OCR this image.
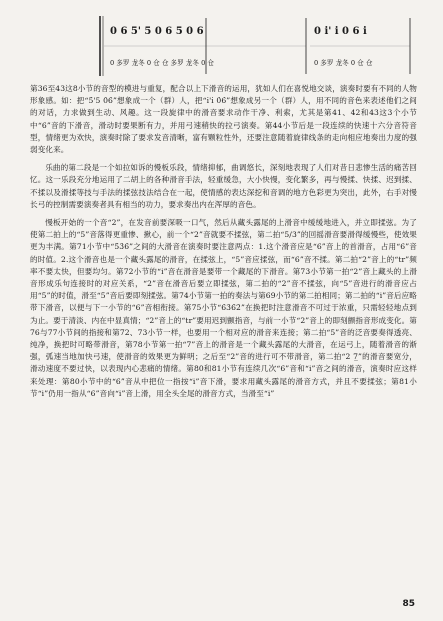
0 6 5' 5 0 6 5 0 6
0 多罗 龙冬 0 仓 仓 多罗 龙冬 0 仓
0 i' i 0 6 i
0 多罗 龙冬 0 仓 仓

第36至43这8小节的音型的模进与重复，配合以上下滑音的运用，犹如人们在喜悦地交谈，演奏时要有不同的人物形象感。如：把“5̇'5 0̇6̇”想象成一个（群）人，把“i̇'i̇ 0̇6̇”想象成另一个（群）人，用不同的音色来表述他们之间的对话，力求做到生动、风趣。这一段旋律中的滑音要求动作干净、利索，尤其是第41、42和43这3个小节中“6”音的下滑音，滑动时要果断有力，并用弓速稍快的拉弓演奏。第44小节后是一段连续的快速十六分音符音型，情绪更为欢快，演奏时除了要求发音清晰，富有颗粒性外，还要注意随着旋律线条的走向相应地奏出力度的强弱变化来。

乐曲的第二段是一个如拉如诉的慢板乐段，情绪抑郁，曲调悠长，深刻地表现了人们对昔日悲惨生活的痛苦回忆。这一乐段充分地运用了二胡上的各种滑音手法，轻重缓急，大小快慢，变化繁多，再与慢揉、快揉、迟到揉、不揉以及滑揉等技与手法的揉弦技法结合在一起，使情感的表达深挖和音调的地方色彩更为突出，此外，右手对慢长弓的控制需要演奏者具有相当的功力，要求奏出内在浑厚的音色。

慢板开始的一个音“2”，在发音前要深吸一口气，然后从藏头露尾的上滑音中缓缓地进入，并立即揉弦。为了使第二拍上的“5”音落得更重惨、揪心，前一个“2”音就要不揉弦，第二拍“5/3”的回摇滑音要滑得缓慢些，使效果更为丰满。第71小节中“5̇3̇6̇”之间的大滑音在演奏时要注意两点：1.这个滑音应是“6”音上的首滑音，占用“6”音的时值。2.这个滑音也是一个藏头露尾的滑音，在揉弦上，“5”音应揉弦，而“6”音不揉。第二拍“2”音上的“tr”频率不要太快，但要均匀。第72小节的“i”音在滑音是要带一个藏尾的下滑音。第73小节第一拍“2”音上藏头的上滑音形成乐句连接时的对应关系，“2”音在滑音后要立即揉弦，第二拍的“2”音不揉弦，向“5”音进行的滑音应占用“5”的时值，滑至“5”音后要即刻揉弦。第74小节第一拍的奏法与第69小节的第二拍相同；第二拍的“i”音后应略带下滑音，以便与下一小节的“6”音相衔接。第75小节“6̇3̇6̇2̇”在换把时注意滑音不可过于浓重，只需轻轻地点到为止。要于清淡、内在中显真情；“2”音上的“tr”要用迟到颤指音，与前一小节“2”音上的即刻颤指音形成变化。第76与77小节间的指接和第72、73小节一样，也要用一个相对应的滑音来连接；第二拍“5”音的泛音要奏得透亮、纯净，换把时可略带滑音，第78小节第一拍“7”音上的滑音是一个藏头露尾的大滑音，在运弓上，随着滑音的渐强，弧速当地加快弓速，使滑音的效果更为鲜明；之后至“2”音的进行可不带滑音，第二拍“2 7̲”的滑音要宽分，滑动速度不要过快，以表现内心悲痛的情绪。第80和81小节有连续几次“6”音和“i”音之间的滑音，演奏时应这样来处理：第80小节中的“6”音从中把位一指按“i”音下滑，要求用藏头露尾的滑音方式，并且不要揉弦；第81小节“i”仍用一指从“6”音向“i”音上滑，用全头全尾的滑音方式，当滑至“i”

85
